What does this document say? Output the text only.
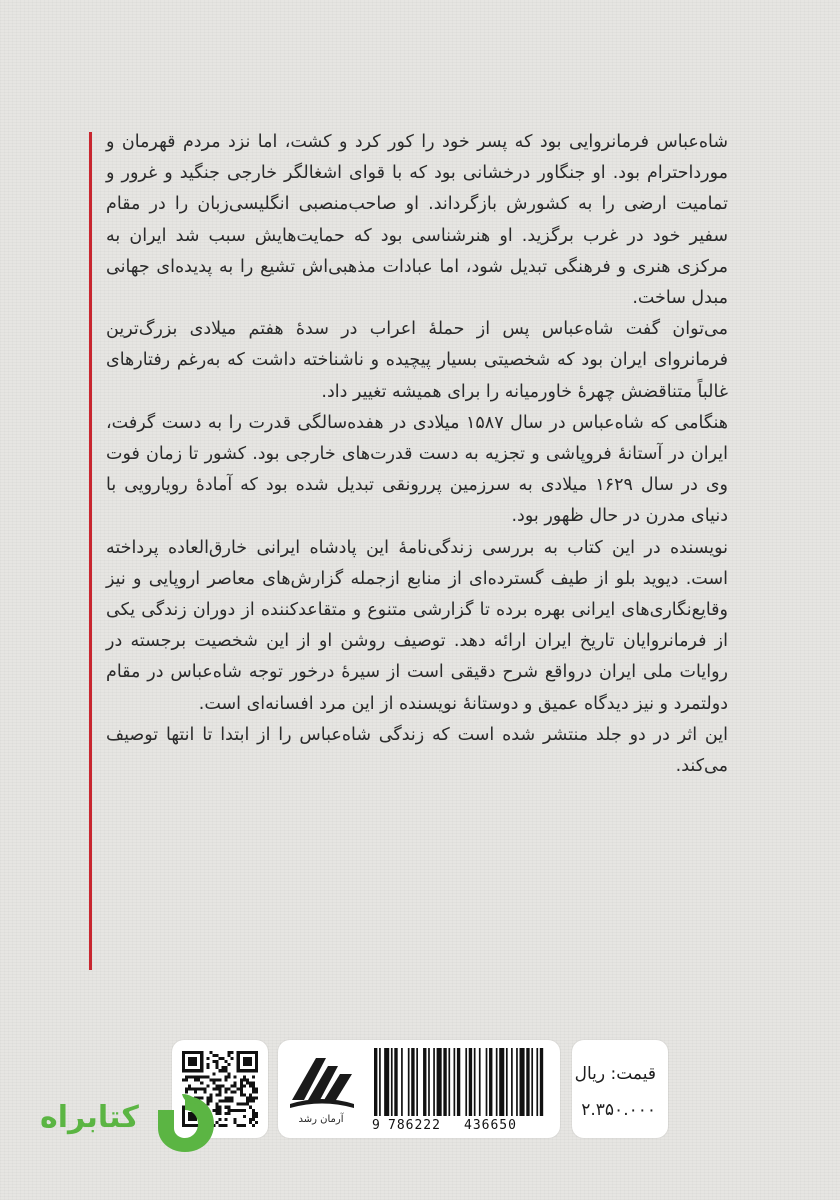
شاه‌عباس فرمانروایی بود که پسر خود را کور کرد و کشت، اما نزد مردم قهرمان و مورداحترام بود. او جنگاور درخشانی بود که با قوای اشغالگر خارجی جنگید و غرور و تمامیت ارضی را به کشورش بازگرداند. او صاحب‌منصبی انگلیسی‌زبان را در مقام سفیر خود در غرب برگزید. او هنرشناسی بود که حمایت‌هایش سبب شد ایران به مرکزی هنری و فرهنگی تبدیل شود، اما عبادات مذهبی‌اش تشیع را به پدیده‌ای جهانی مبدل ساخت.

می‌توان گفت شاه‌عباس پس از حملهٔ اعراب در سدهٔ هفتم میلادی بزرگ‌ترین فرمانروای ایران بود که شخصیتی بسیار پیچیده و ناشناخته داشت که به‌رغم رفتارهای غالباً متناقضش چهرهٔ خاورمیانه را برای همیشه تغییر داد.

هنگامی که شاه‌عباس در سال ۱۵۸۷ میلادی در هفده‌سالگی قدرت را به دست گرفت، ایران در آستانهٔ فروپاشی و تجزیه به دست قدرت‌های خارجی بود. کشور تا زمان فوت وی در سال ۱۶۲۹ میلادی به سرزمین پررونقی تبدیل شده بود که آمادهٔ رویارویی با دنیای مدرن در حال ظهور بود.

نویسنده در این کتاب به بررسی زندگی‌نامهٔ این پادشاه ایرانی خارق‌العاده پرداخته است. دیوید بلو از طیف گسترده‌ای از منابع ازجمله گزارش‌های معاصر اروپایی و نیز وقایع‌نگاری‌های ایرانی بهره برده تا گزارشی متنوع و متقاعدکننده از دوران زندگی یکی از فرمانروایان تاریخ ایران ارائه دهد. توصیف روشن او از این شخصیت برجسته در روایات ملی ایران درواقع شرح دقیقی است از سیرهٔ درخور توجه شاه‌عباس در مقام دولتمرد و نیز دیدگاه عمیق و دوستانهٔ نویسنده از این مرد افسانه‌ای است.

این اثر در دو جلد منتشر شده است که زندگی شاه‌عباس را از ابتدا تا انتها توصیف می‌کند.

آرمان رشد	9 786222 436650
قیمت: ریال
۲.۳۵۰.۰۰۰
کتابراه
